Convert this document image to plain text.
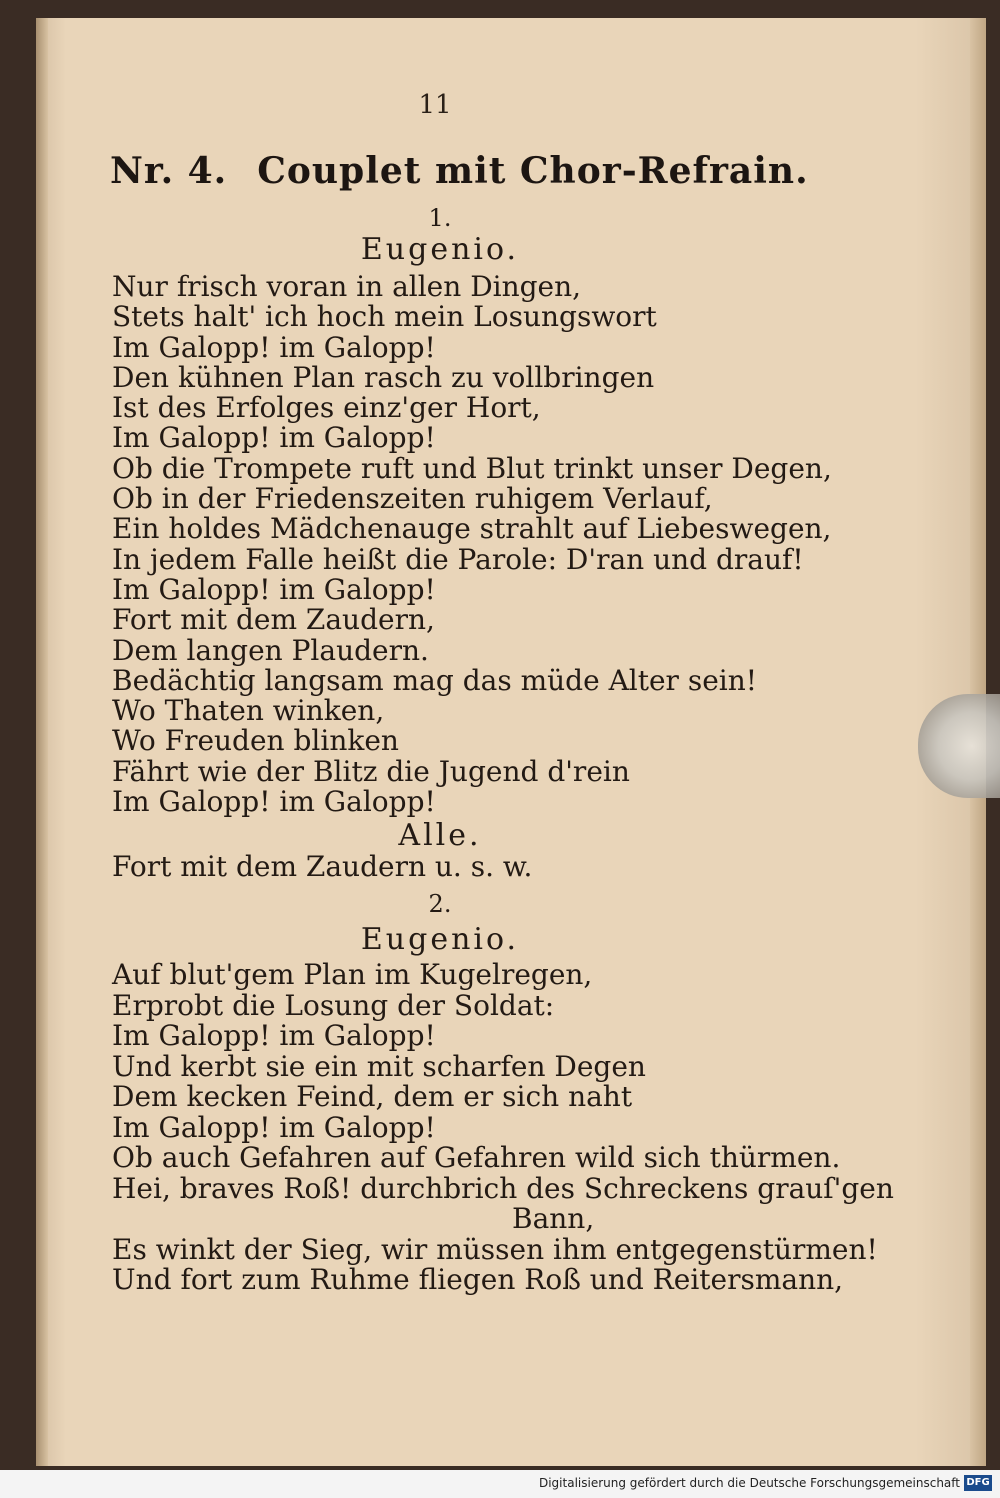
11
Nr. 4. Couplet mit Chor-Refrain.
1.
Eugenio.
Nur frisch voran in allen Dingen,
Stets halt' ich hoch mein Losungswort
Im Galopp! im Galopp!
Den kühnen Plan rasch zu vollbringen
Ist des Erfolges einz'ger Hort,
Im Galopp! im Galopp!
Ob die Trompete ruft und Blut trinkt unser Degen,
Ob in der Friedenszeiten ruhigem Verlauf,
Ein holdes Mädchenauge strahlt auf Liebeswegen,
In jedem Falle heißt die Parole: D'ran und drauf!
Im Galopp! im Galopp!
Fort mit dem Zaudern,
Dem langen Plaudern.
Bedächtig langsam mag das müde Alter sein!
Wo Thaten winken,
Wo Freuden blinken
Fährt wie der Blitz die Jugend d'rein
Im Galopp! im Galopp!
Alle.
Fort mit dem Zaudern u. s. w.
2.
Eugenio.
Auf blut'gem Plan im Kugelregen,
Erprobt die Losung der Soldat:
Im Galopp! im Galopp!
Und kerbt sie ein mit scharfen Degen
Dem kecken Feind, dem er sich naht
Im Galopp! im Galopp!
Ob auch Gefahren auf Gefahren wild sich thürmen.
Hei, braves Roß! durchbrich des Schreckens grauſ'gen
Bann,
Es winkt der Sieg, wir müssen ihm entgegenstürmen!
Und fort zum Ruhme fliegen Roß und Reitersmann,
Digitalisierung gefördert durch die Deutsche Forschungsgemeinschaft DFG
